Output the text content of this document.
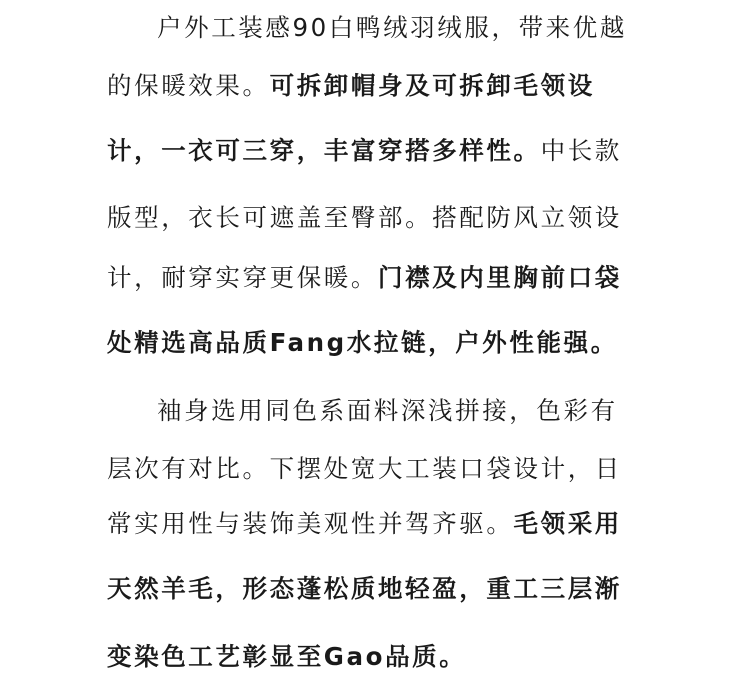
户外工装感90白鸭绒羽绒服，带来优越
的保暖效果。可拆卸帽身及可拆卸毛领设
计，一衣可三穿，丰富穿搭多样性。中长款
版型，衣长可遮盖至臀部。搭配防风立领设
计，耐穿实穿更保暖。门襟及内里胸前口袋
处精选高品质Fang水拉链，户外性能强。
袖身选用同色系面料深浅拼接，色彩有
层次有对比。下摆处宽大工装口袋设计，日
常实用性与装饰美观性并驾齐驱。毛领采用
天然羊毛，形态蓬松质地轻盈，重工三层渐
变染色工艺彰显至Gao品质。
